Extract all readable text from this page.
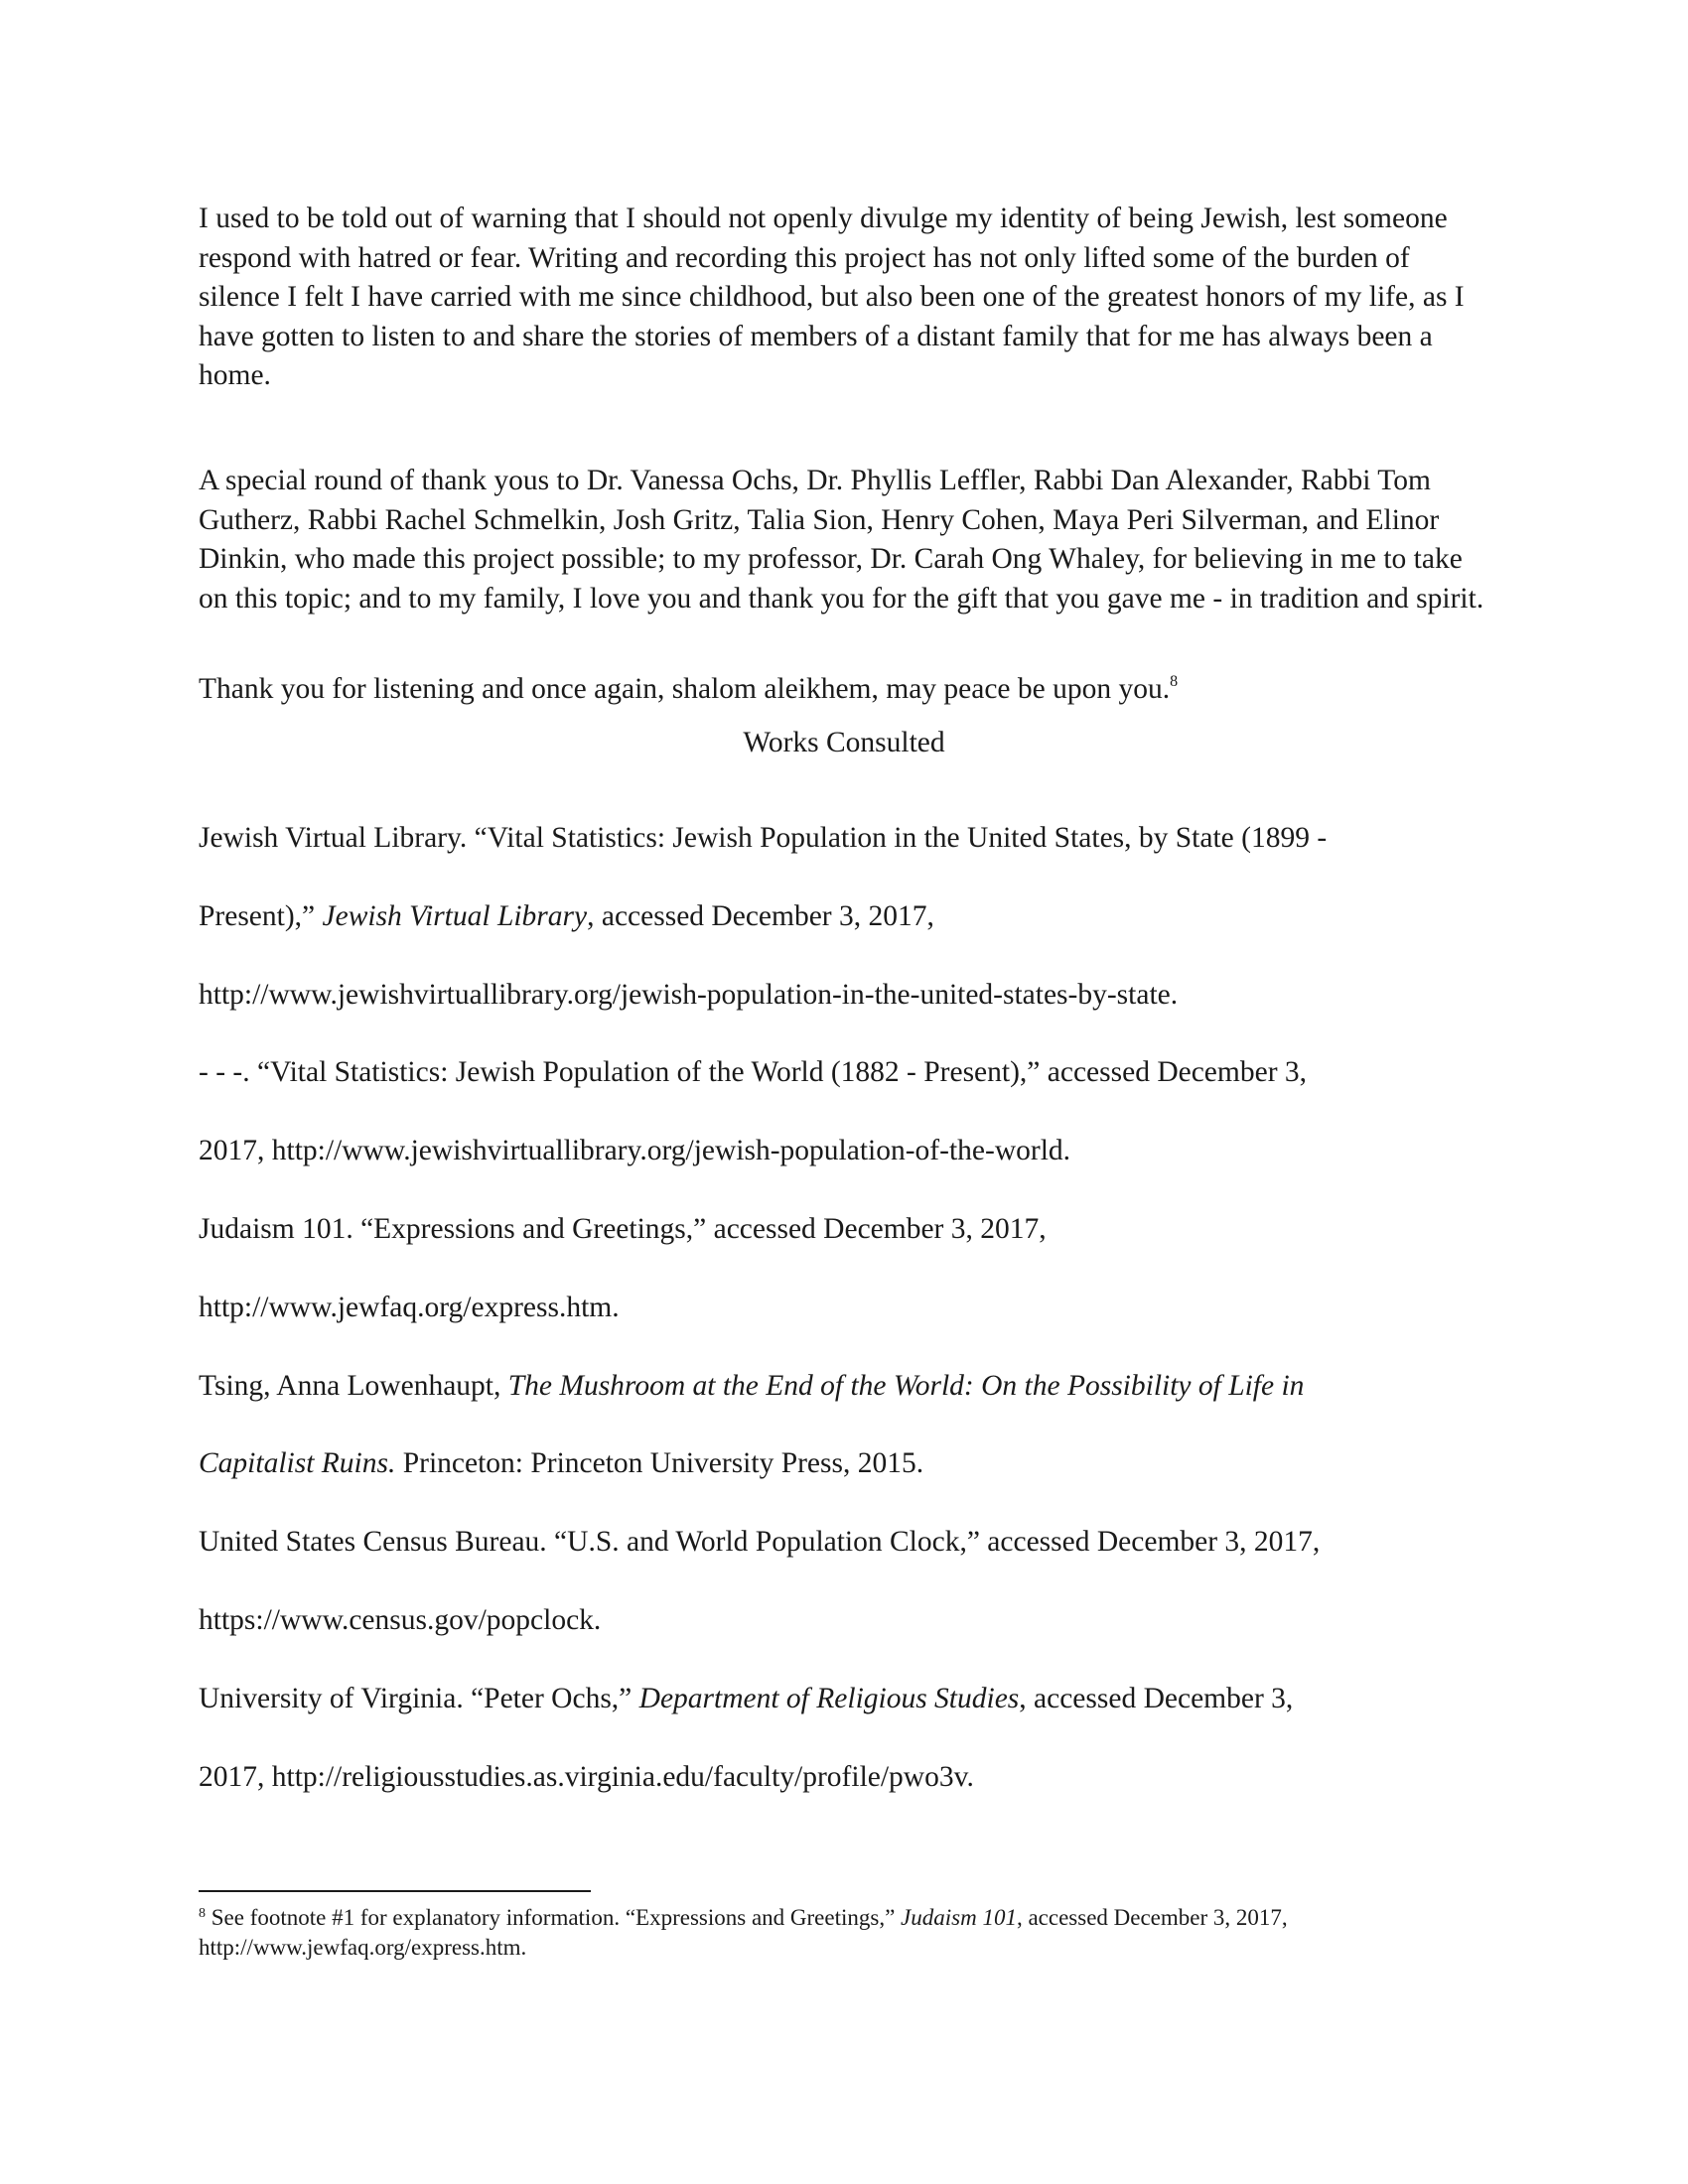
I used to be told out of warning that I should not openly divulge my identity of being Jewish, lest someone respond with hatred or fear. Writing and recording this project has not only lifted some of the burden of silence I felt I have carried with me since childhood, but also been one of the greatest honors of my life, as I have gotten to listen to and share the stories of members of a distant family that for me has always been a home.

A special round of thank yous to Dr. Vanessa Ochs, Dr. Phyllis Leffler, Rabbi Dan Alexander, Rabbi Tom Gutherz, Rabbi Rachel Schmelkin, Josh Gritz, Talia Sion, Henry Cohen, Maya Peri Silverman, and Elinor Dinkin, who made this project possible; to my professor, Dr. Carah Ong Whaley, for believing in me to take on this topic; and to my family, I love you and thank you for the gift that you gave me - in tradition and spirit.

Thank you for listening and once again, shalom aleikhem, may peace be upon you.$^8$

Works Consulted

Jewish Virtual Library. “Vital Statistics: Jewish Population in the United States, by State (1899 -
Present),” Jewish Virtual Library, accessed December 3, 2017,
http://www.jewishvirtuallibrary.org/jewish-population-in-the-united-states-by-state.

- - -. “Vital Statistics: Jewish Population of the World (1882 - Present),” accessed December 3,
2017, http://www.jewishvirtuallibrary.org/jewish-population-of-the-world.

Judaism 101. “Expressions and Greetings,” accessed December 3, 2017,
http://www.jewfaq.org/express.htm.

Tsing, Anna Lowenhaupt, The Mushroom at the End of the World: On the Possibility of Life in
Capitalist Ruins. Princeton: Princeton University Press, 2015.

United States Census Bureau. “U.S. and World Population Clock,” accessed December 3, 2017,
https://www.census.gov/popclock.

University of Virginia. “Peter Ochs,” Department of Religious Studies, accessed December 3,
2017, http://religiousstudies.as.virginia.edu/faculty/profile/pwo3v.

$^8$ See footnote #1 for explanatory information. “Expressions and Greetings,” Judaism 101, accessed December 3, 2017, http://www.jewfaq.org/express.htm.
